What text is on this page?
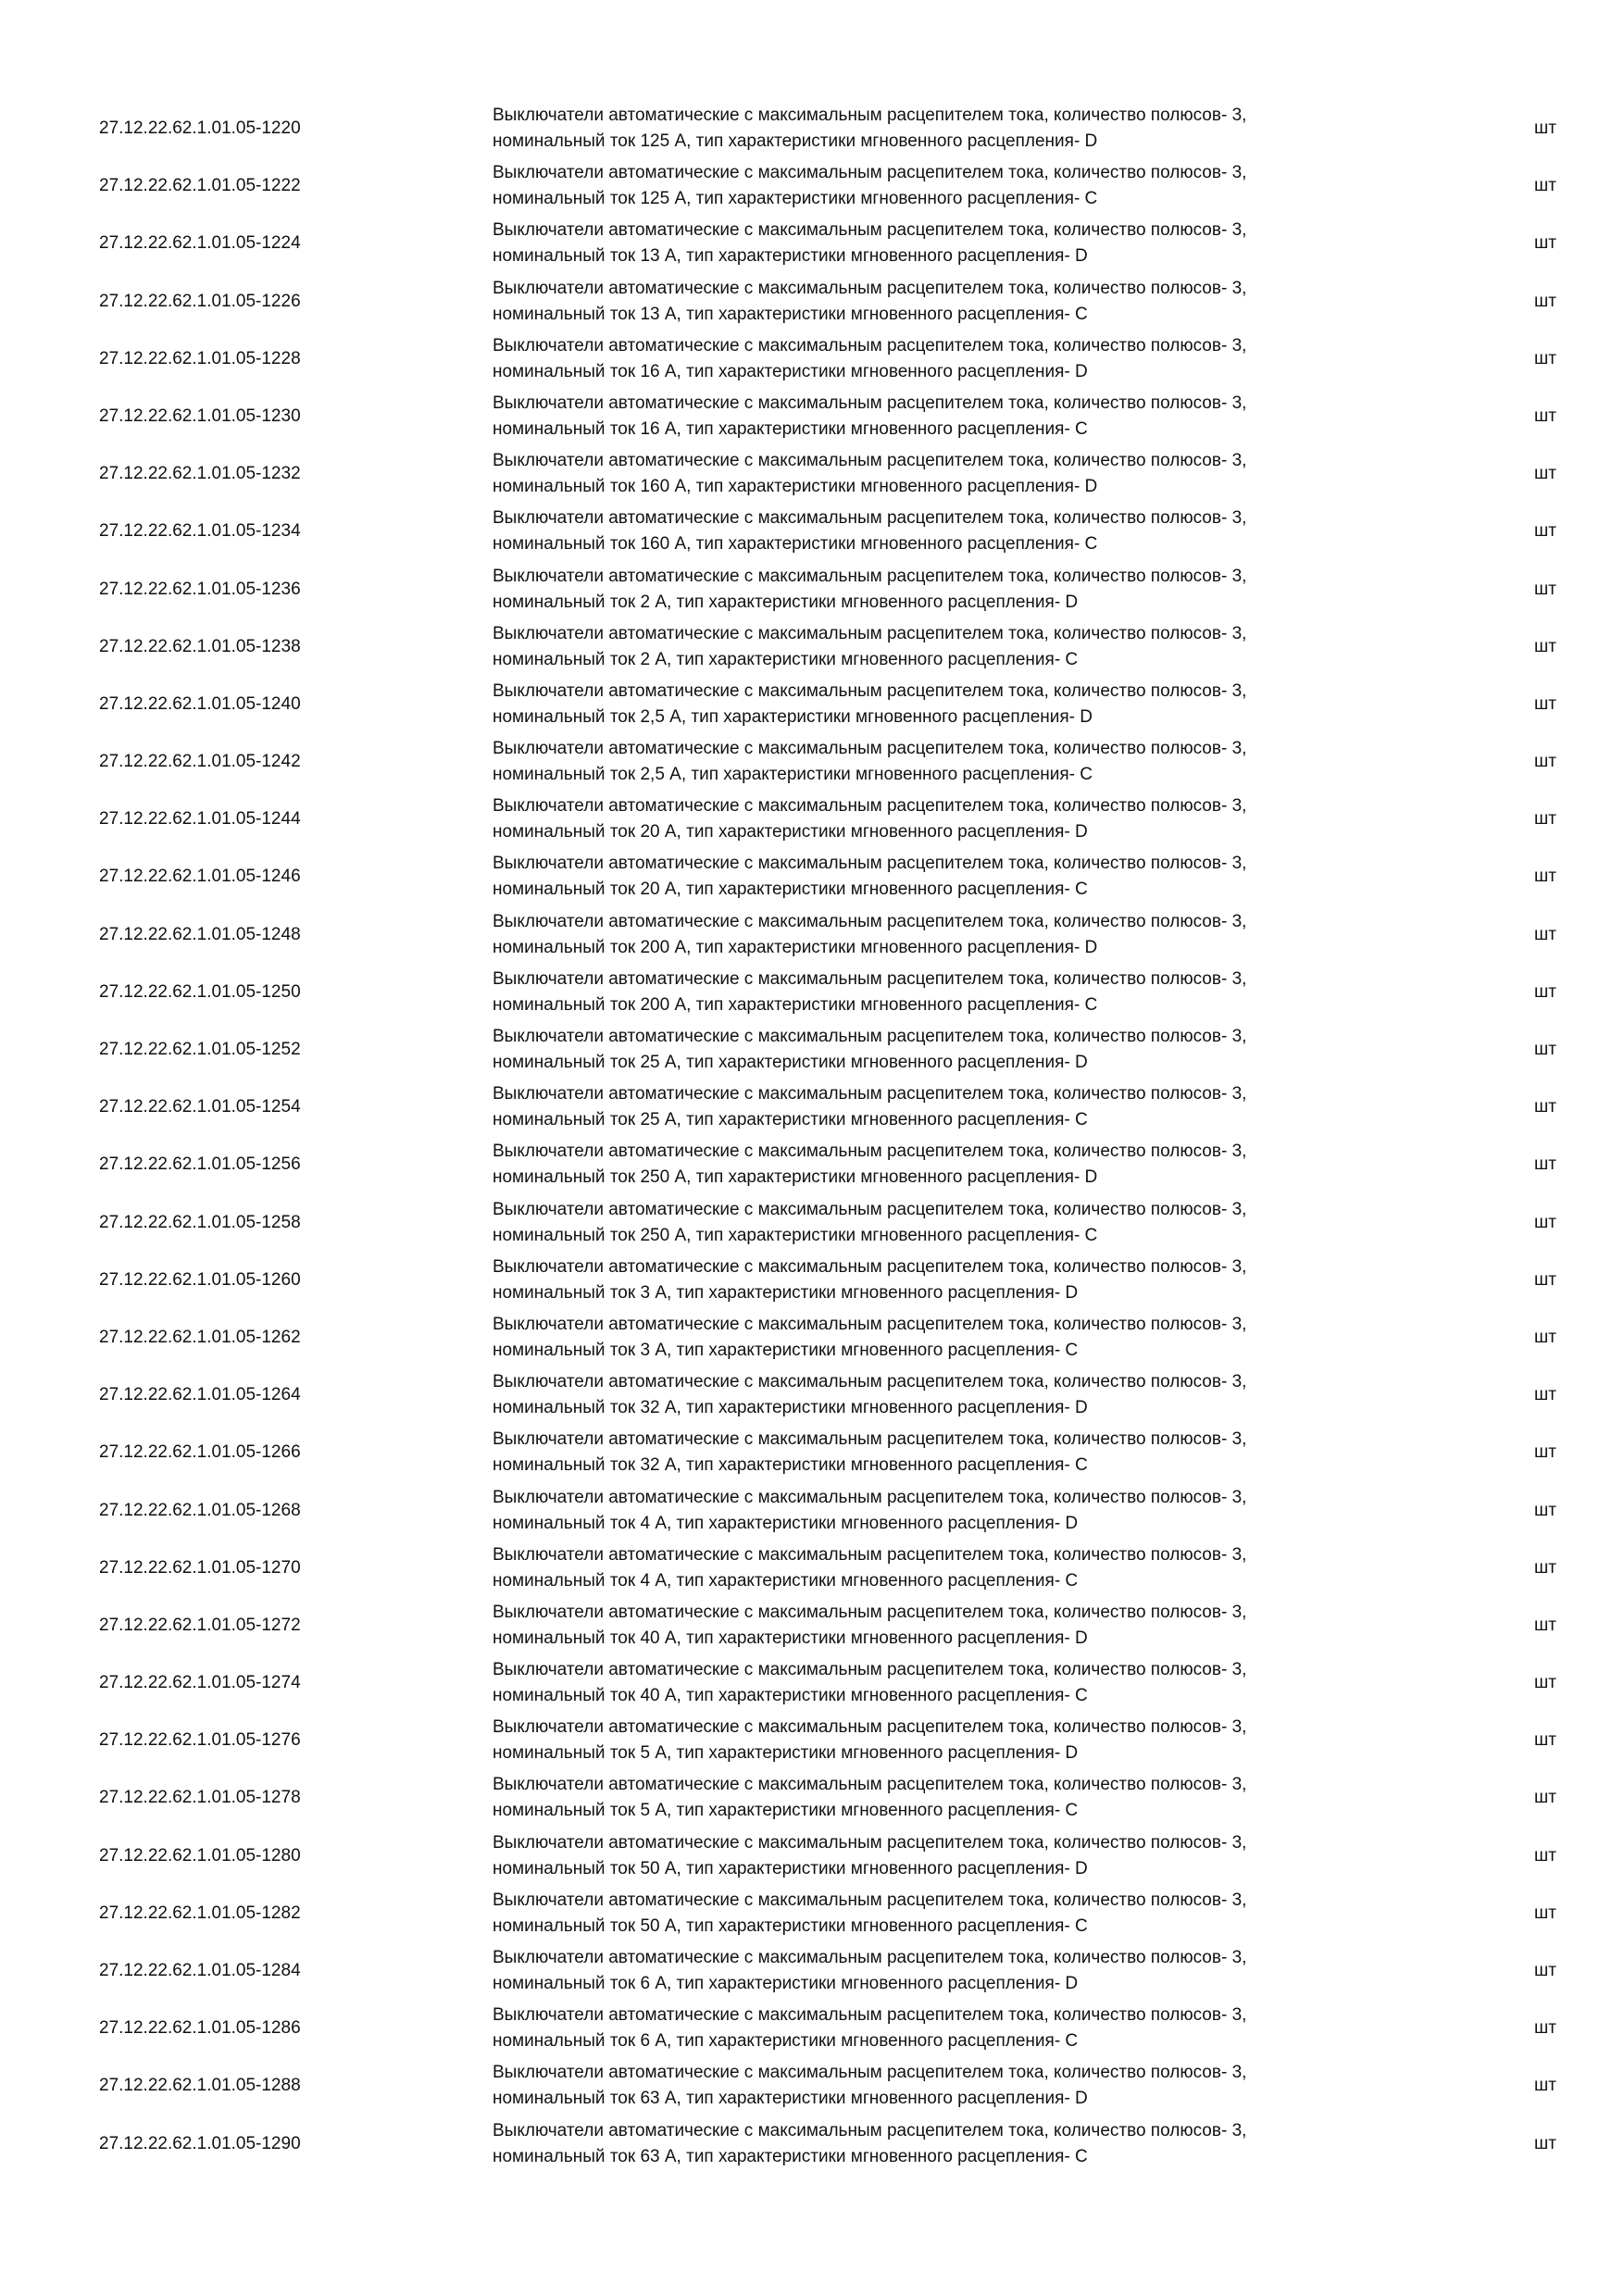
27.12.22.62.1.01.05-1220
Выключатели автоматические с максимальным расцепителем тока, количество полюсов- 3,
номинальный ток 125 А, тип характеристики мгновенного расцепления- D
шт
27.12.22.62.1.01.05-1222
Выключатели автоматические с максимальным расцепителем тока, количество полюсов- 3,
номинальный ток 125 А, тип характеристики мгновенного расцепления- С
шт
27.12.22.62.1.01.05-1224
Выключатели автоматические с максимальным расцепителем тока, количество полюсов- 3,
номинальный ток 13 А, тип характеристики мгновенного расцепления- D
шт
27.12.22.62.1.01.05-1226
Выключатели автоматические с максимальным расцепителем тока, количество полюсов- 3,
номинальный ток 13 А, тип характеристики мгновенного расцепления- С
шт
27.12.22.62.1.01.05-1228
Выключатели автоматические с максимальным расцепителем тока, количество полюсов- 3,
номинальный ток 16 А, тип характеристики мгновенного расцепления- D
шт
27.12.22.62.1.01.05-1230
Выключатели автоматические с максимальным расцепителем тока, количество полюсов- 3,
номинальный ток 16 А, тип характеристики мгновенного расцепления- С
шт
27.12.22.62.1.01.05-1232
Выключатели автоматические с максимальным расцепителем тока, количество полюсов- 3,
номинальный ток 160 А, тип характеристики мгновенного расцепления- D
шт
27.12.22.62.1.01.05-1234
Выключатели автоматические с максимальным расцепителем тока, количество полюсов- 3,
номинальный ток 160 А, тип характеристики мгновенного расцепления- С
шт
27.12.22.62.1.01.05-1236
Выключатели автоматические с максимальным расцепителем тока, количество полюсов- 3,
номинальный ток 2 А, тип характеристики мгновенного расцепления- D
шт
27.12.22.62.1.01.05-1238
Выключатели автоматические с максимальным расцепителем тока, количество полюсов- 3,
номинальный ток 2 А, тип характеристики мгновенного расцепления- С
шт
27.12.22.62.1.01.05-1240
Выключатели автоматические с максимальным расцепителем тока, количество полюсов- 3,
номинальный ток 2,5 А, тип характеристики мгновенного расцепления- D
шт
27.12.22.62.1.01.05-1242
Выключатели автоматические с максимальным расцепителем тока, количество полюсов- 3,
номинальный ток 2,5 А, тип характеристики мгновенного расцепления- С
шт
27.12.22.62.1.01.05-1244
Выключатели автоматические с максимальным расцепителем тока, количество полюсов- 3,
номинальный ток 20 А, тип характеристики мгновенного расцепления- D
шт
27.12.22.62.1.01.05-1246
Выключатели автоматические с максимальным расцепителем тока, количество полюсов- 3,
номинальный ток 20 А, тип характеристики мгновенного расцепления- С
шт
27.12.22.62.1.01.05-1248
Выключатели автоматические с максимальным расцепителем тока, количество полюсов- 3,
номинальный ток 200 А, тип характеристики мгновенного расцепления- D
шт
27.12.22.62.1.01.05-1250
Выключатели автоматические с максимальным расцепителем тока, количество полюсов- 3,
номинальный ток 200 А, тип характеристики мгновенного расцепления- С
шт
27.12.22.62.1.01.05-1252
Выключатели автоматические с максимальным расцепителем тока, количество полюсов- 3,
номинальный ток 25 А, тип характеристики мгновенного расцепления- D
шт
27.12.22.62.1.01.05-1254
Выключатели автоматические с максимальным расцепителем тока, количество полюсов- 3,
номинальный ток 25 А, тип характеристики мгновенного расцепления- С
шт
27.12.22.62.1.01.05-1256
Выключатели автоматические с максимальным расцепителем тока, количество полюсов- 3,
номинальный ток 250 А, тип характеристики мгновенного расцепления- D
шт
27.12.22.62.1.01.05-1258
Выключатели автоматические с максимальным расцепителем тока, количество полюсов- 3,
номинальный ток 250 А, тип характеристики мгновенного расцепления- С
шт
27.12.22.62.1.01.05-1260
Выключатели автоматические с максимальным расцепителем тока, количество полюсов- 3,
номинальный ток 3 А, тип характеристики мгновенного расцепления- D
шт
27.12.22.62.1.01.05-1262
Выключатели автоматические с максимальным расцепителем тока, количество полюсов- 3,
номинальный ток 3 А, тип характеристики мгновенного расцепления- С
шт
27.12.22.62.1.01.05-1264
Выключатели автоматические с максимальным расцепителем тока, количество полюсов- 3,
номинальный ток 32 А, тип характеристики мгновенного расцепления- D
шт
27.12.22.62.1.01.05-1266
Выключатели автоматические с максимальным расцепителем тока, количество полюсов- 3,
номинальный ток 32 А, тип характеристики мгновенного расцепления- С
шт
27.12.22.62.1.01.05-1268
Выключатели автоматические с максимальным расцепителем тока, количество полюсов- 3,
номинальный ток 4 А, тип характеристики мгновенного расцепления- D
шт
27.12.22.62.1.01.05-1270
Выключатели автоматические с максимальным расцепителем тока, количество полюсов- 3,
номинальный ток 4 А, тип характеристики мгновенного расцепления- С
шт
27.12.22.62.1.01.05-1272
Выключатели автоматические с максимальным расцепителем тока, количество полюсов- 3,
номинальный ток 40 А, тип характеристики мгновенного расцепления- D
шт
27.12.22.62.1.01.05-1274
Выключатели автоматические с максимальным расцепителем тока, количество полюсов- 3,
номинальный ток 40 А, тип характеристики мгновенного расцепления- С
шт
27.12.22.62.1.01.05-1276
Выключатели автоматические с максимальным расцепителем тока, количество полюсов- 3,
номинальный ток 5 А, тип характеристики мгновенного расцепления- D
шт
27.12.22.62.1.01.05-1278
Выключатели автоматические с максимальным расцепителем тока, количество полюсов- 3,
номинальный ток 5 А, тип характеристики мгновенного расцепления- С
шт
27.12.22.62.1.01.05-1280
Выключатели автоматические с максимальным расцепителем тока, количество полюсов- 3,
номинальный ток 50 А, тип характеристики мгновенного расцепления- D
шт
27.12.22.62.1.01.05-1282
Выключатели автоматические с максимальным расцепителем тока, количество полюсов- 3,
номинальный ток 50 А, тип характеристики мгновенного расцепления- С
шт
27.12.22.62.1.01.05-1284
Выключатели автоматические с максимальным расцепителем тока, количество полюсов- 3,
номинальный ток 6 А, тип характеристики мгновенного расцепления- D
шт
27.12.22.62.1.01.05-1286
Выключатели автоматические с максимальным расцепителем тока, количество полюсов- 3,
номинальный ток 6 А, тип характеристики мгновенного расцепления- С
шт
27.12.22.62.1.01.05-1288
Выключатели автоматические с максимальным расцепителем тока, количество полюсов- 3,
номинальный ток 63 А, тип характеристики мгновенного расцепления- D
шт
27.12.22.62.1.01.05-1290
Выключатели автоматические с максимальным расцепителем тока, количество полюсов- 3,
номинальный ток 63 А, тип характеристики мгновенного расцепления- С
шт
